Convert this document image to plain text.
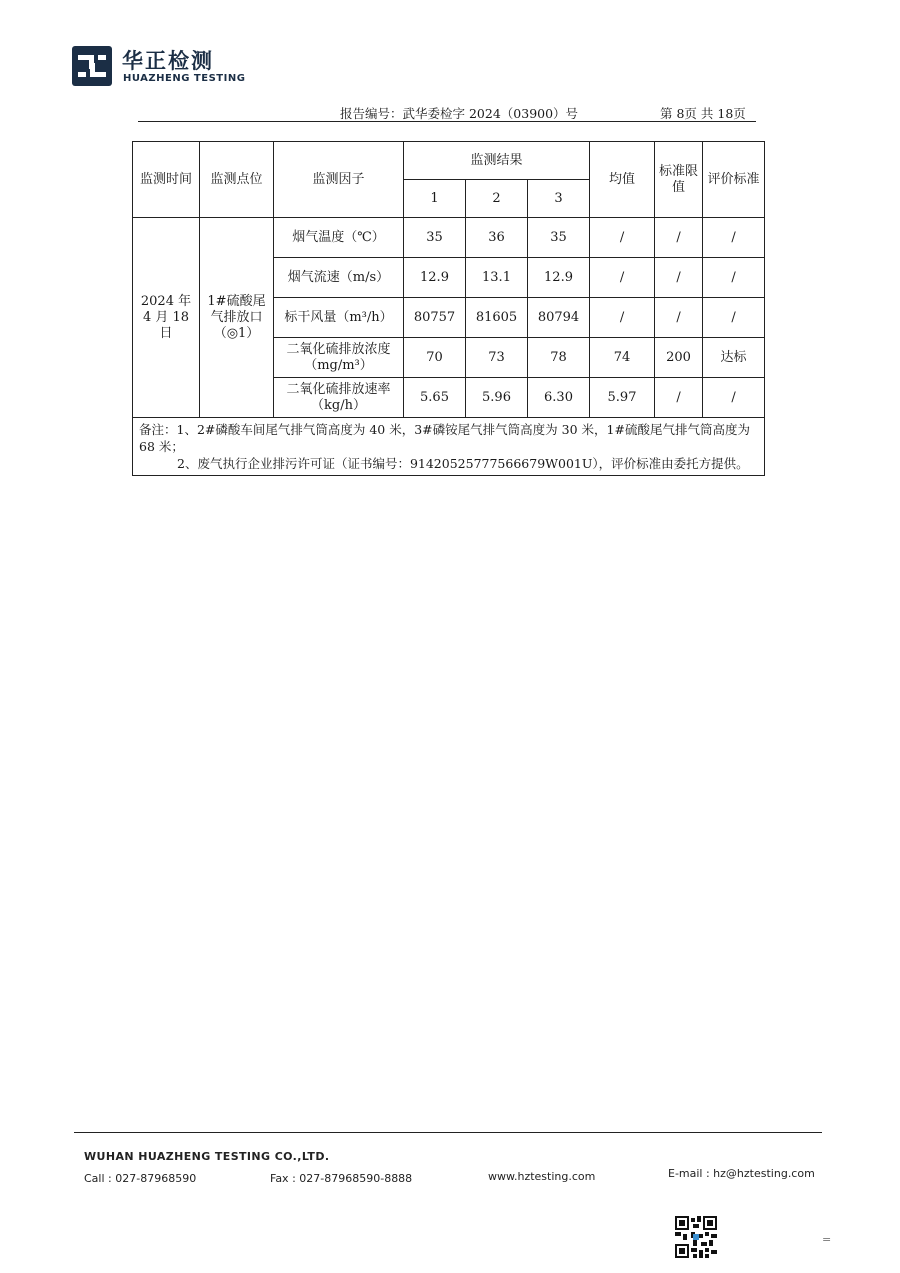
华正检测
HUAZHENG TESTING
报告编号：武华委检字 2024（03900）号	第 8页 共 18页
监测时间	监测点位	监测因子	监测结果			均值	标准限值	评价标准
			1	2	3			
2024 年 4 月 18 日	1#硫酸尾气排放口（◎1）	烟气温度（℃）	35	36	35	/	/	/
		烟气流速（m/s）	12.9	13.1	12.9	/	/	/
		标干风量（m³/h）	80757	81605	80794	/	/	/
		二氧化硫排放浓度（mg/m³）	70	73	78	74	200	达标
		二氧化硫排放速率（kg/h）	5.65	5.96	6.30	5.97	/	/
备注：1、2#磷酸车间尾气排气筒高度为 40 米，3#磷铵尾气排气筒高度为 30 米，1#硫酸尾气排气筒高度为 68 米；
2、废气执行企业排污许可证（证书编号：91420525777566679W001U），评价标准由委托方提供。								
WUHAN HUAZHENG TESTING CO.,LTD.
Call : 027-87968590	Fax : 027-87968590-8888	www.hztesting.com	E-mail : hz@hztesting.com
=
